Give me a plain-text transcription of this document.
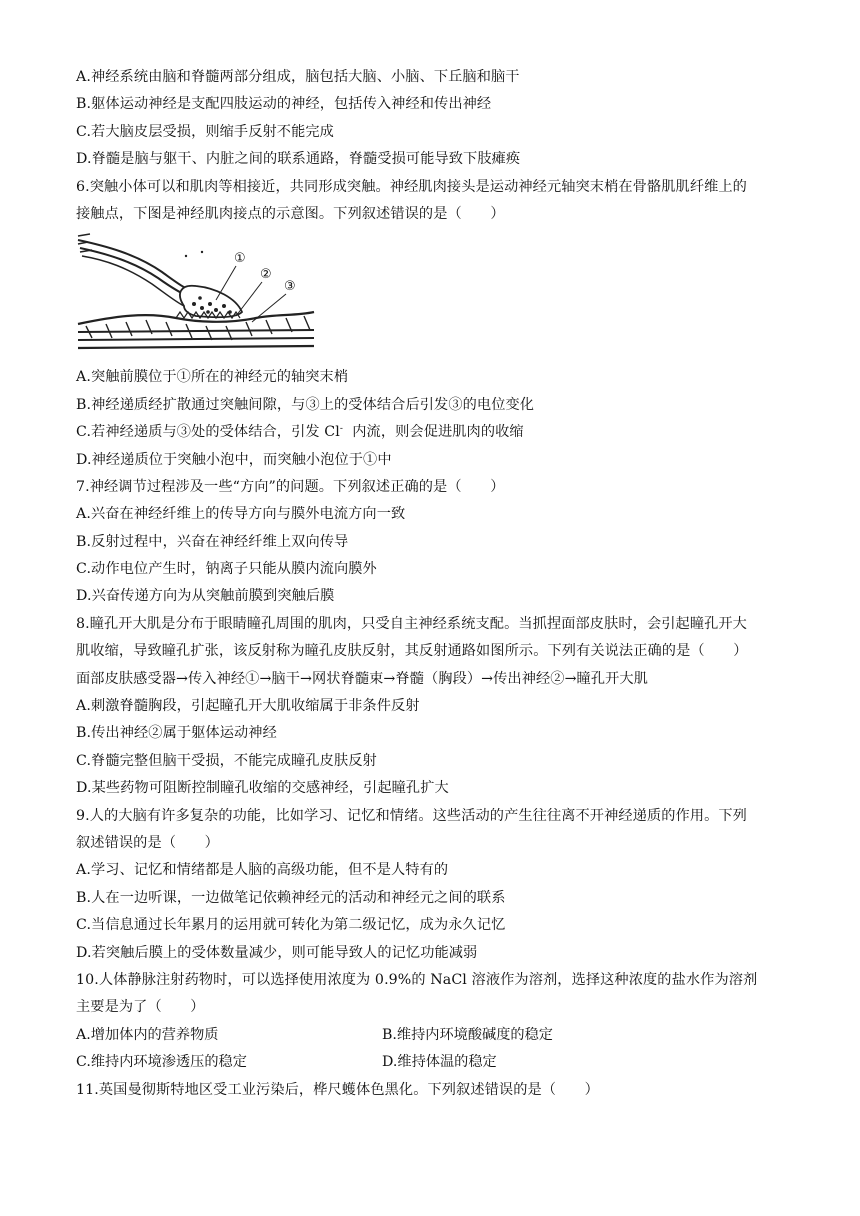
A.神经系统由脑和脊髓两部分组成，脑包括大脑、小脑、下丘脑和脑干
B.躯体运动神经是支配四肢运动的神经，包括传入神经和传出神经
C.若大脑皮层受损，则缩手反射不能完成
D.脊髓是脑与躯干、内脏之间的联系通路，脊髓受损可能导致下肢瘫痪
6.突触小体可以和肌肉等相接近，共同形成突触。神经肌肉接头是运动神经元轴突末梢在骨骼肌肌纤维上的
接触点，下图是神经肌肉接点的示意图。下列叙述错误的是（　　）
①
②
③
A.突触前膜位于①所在的神经元的轴突末梢
B.神经递质经扩散通过突触间隙，与③上的受体结合后引发③的电位变化
C.若神经递质与③处的受体结合，引发 Cl-  内流，则会促进肌肉的收缩
D.神经递质位于突触小泡中，而突触小泡位于①中
7.神经调节过程涉及一些“方向”的问题。下列叙述正确的是（　　）
A.兴奋在神经纤维上的传导方向与膜外电流方向一致
B.反射过程中，兴奋在神经纤维上双向传导
C.动作电位产生时，钠离子只能从膜内流向膜外
D.兴奋传递方向为从突触前膜到突触后膜
8.瞳孔开大肌是分布于眼睛瞳孔周围的肌肉，只受自主神经系统支配。当抓捏面部皮肤时，会引起瞳孔开大
肌收缩，导致瞳孔扩张，该反射称为瞳孔皮肤反射，其反射通路如图所示。下列有关说法正确的是（　　）
面部皮肤感受器→传入神经①→脑干→网状脊髓束→脊髓（胸段）→传出神经②→瞳孔开大肌
A.刺激脊髓胸段，引起瞳孔开大肌收缩属于非条件反射
B.传出神经②属于躯体运动神经
C.脊髓完整但脑干受损，不能完成瞳孔皮肤反射
D.某些药物可阻断控制瞳孔收缩的交感神经，引起瞳孔扩大
9.人的大脑有许多复杂的功能，比如学习、记忆和情绪。这些活动的产生往往离不开神经递质的作用。下列
叙述错误的是（　　）
A.学习、记忆和情绪都是人脑的高级功能，但不是人特有的
B.人在一边听课，一边做笔记依赖神经元的活动和神经元之间的联系
C.当信息通过长年累月的运用就可转化为第二级记忆，成为永久记忆
D.若突触后膜上的受体数量减少，则可能导致人的记忆功能减弱
10.人体静脉注射药物时，可以选择使用浓度为 0.9%的 NaCl 溶液作为溶剂，选择这种浓度的盐水作为溶剂
主要是为了（　　）
A.增加体内的营养物质	B.维持内环境酸碱度的稳定
C.维持内环境渗透压的稳定	D.维持体温的稳定
11.英国曼彻斯特地区受工业污染后，桦尺蠖体色黑化。下列叙述错误的是（　　）
